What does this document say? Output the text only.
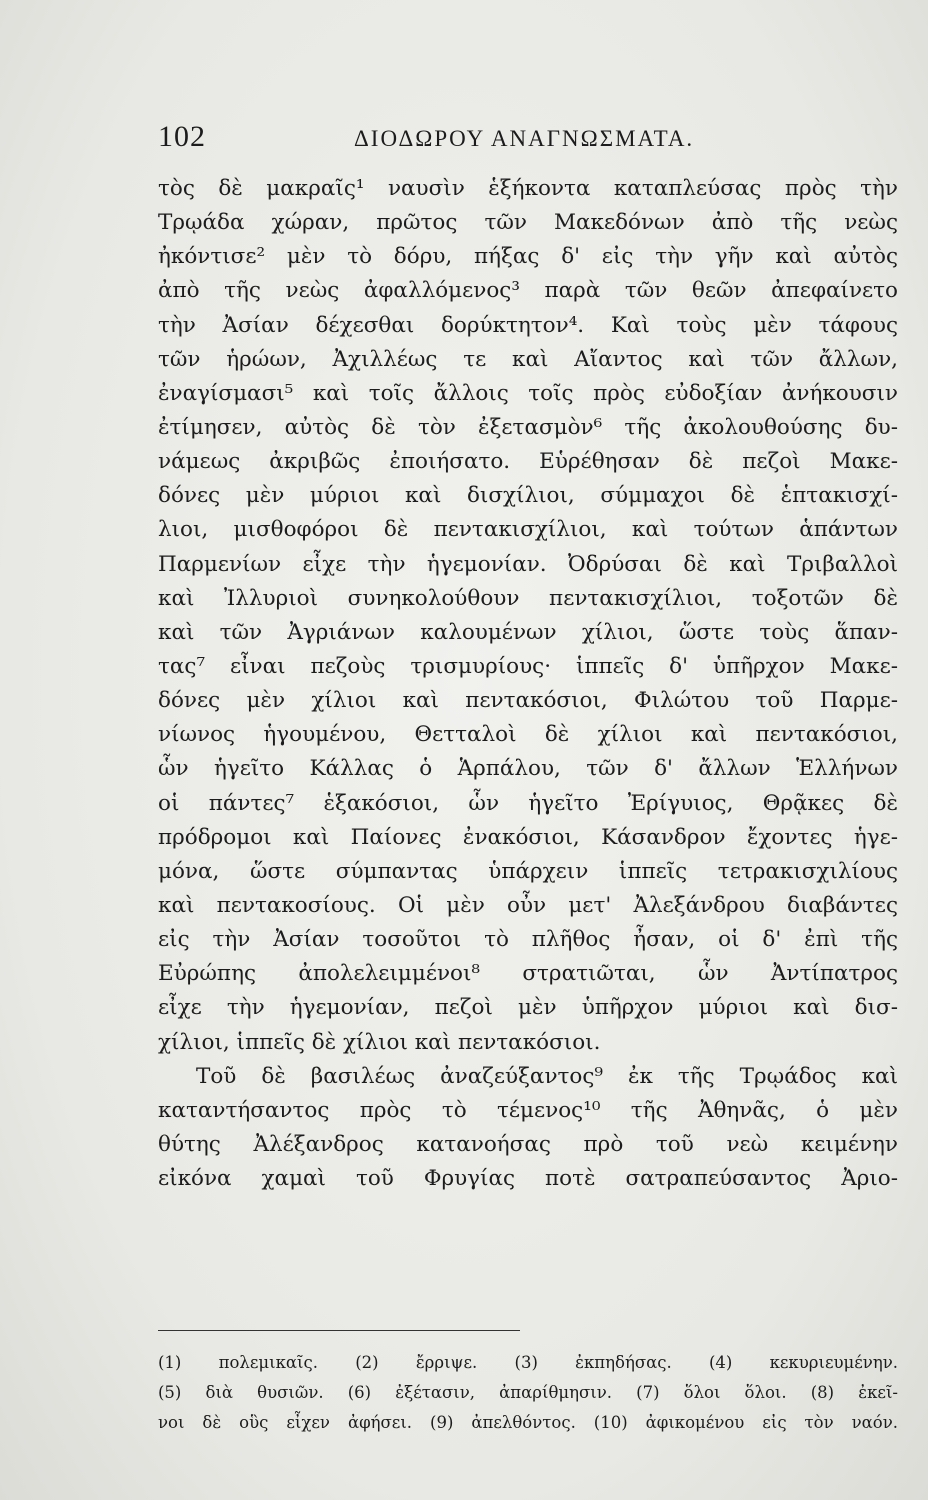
102	ΔΙΟΔΩΡΟΥ ΑΝΑΓΝΩΣΜΑΤΑ.
τὸς δὲ μακραῖς¹ ναυσὶν ἑξήκοντα καταπλεύσας πρὸς τὴν
Τρῳάδα χώραν, πρῶτος τῶν Μακεδόνων ἀπὸ τῆς νεὼς
ἠκόντισε² μὲν τὸ δόρυ, πήξας δ' εἰς τὴν γῆν καὶ αὐτὸς
ἀπὸ τῆς νεὼς ἀφαλλόμενος³ παρὰ τῶν θεῶν ἀπεφαίνετο
τὴν Ἀσίαν δέχεσθαι δορύκτητον⁴. Καὶ τοὺς μὲν τάφους
τῶν ἡρώων, Ἀχιλλέως τε καὶ Αἴαντος καὶ τῶν ἄλλων,
ἐναγίσμασι⁵ καὶ τοῖς ἄλλοις τοῖς πρὸς εὐδοξίαν ἀνήκουσιν
ἐτίμησεν, αὐτὸς δὲ τὸν ἐξετασμὸν⁶ τῆς ἀκολουθούσης δυ-
νάμεως ἀκριβῶς ἐποιήσατο. Εὑρέθησαν δὲ πεζοὶ Μακε-
δόνες μὲν μύριοι καὶ δισχίλιοι, σύμμαχοι δὲ ἑπτακισχί-
λιοι, μισθοφόροι δὲ πεντακισχίλιοι, καὶ τούτων ἁπάντων
Παρμενίων εἶχε τὴν ἡγεμονίαν. Ὀδρύσαι δὲ καὶ Τριβαλλοὶ
καὶ Ἰλλυριοὶ συνηκολούθουν πεντακισχίλιοι, τοξοτῶν δὲ
καὶ τῶν Ἀγριάνων καλουμένων χίλιοι, ὥστε τοὺς ἅπαν-
τας⁷ εἶναι πεζοὺς τρισμυρίους· ἱππεῖς δ' ὑπῆρχον Μακε-
δόνες μὲν χίλιοι καὶ πεντακόσιοι, Φιλώτου τοῦ Παρμε-
νίωνος ἡγουμένου, Θετταλοὶ δὲ χίλιοι καὶ πεντακόσιοι,
ὧν ἡγεῖτο Κάλλας ὁ Ἁρπάλου, τῶν δ' ἄλλων Ἑλλήνων
οἱ πάντες⁷ ἑξακόσιοι, ὧν ἡγεῖτο Ἐρίγυιος, Θρᾷκες δὲ
πρόδρομοι καὶ Παίονες ἐνακόσιοι, Κάσανδρον ἔχοντες ἡγε-
μόνα, ὥστε σύμπαντας ὑπάρχειν ἱππεῖς τετρακισχιλίους
καὶ πεντακοσίους. Οἱ μὲν οὖν μετ' Ἀλεξάνδρου διαβάντες
εἰς τὴν Ἀσίαν τοσοῦτοι τὸ πλῆθος ἦσαν, οἱ δ' ἐπὶ τῆς
Εὐρώπης ἀπολελειμμένοι⁸ στρατιῶται, ὧν Ἀντίπατρος
εἶχε τὴν ἡγεμονίαν, πεζοὶ μὲν ὑπῆρχον μύριοι καὶ δισ-
χίλιοι, ἱππεῖς δὲ χίλιοι καὶ πεντακόσιοι.
Τοῦ δὲ βασιλέως ἀναζεύξαντος⁹ ἐκ τῆς Τρῳάδος καὶ
καταντήσαντος πρὸς τὸ τέμενος¹⁰ τῆς Ἀθηνᾶς, ὁ μὲν
θύτης Ἀλέξανδρος κατανοήσας πρὸ τοῦ νεὼ κειμένην
εἰκόνα χαμαὶ τοῦ Φρυγίας ποτὲ σατραπεύσαντος Ἀριο-
(1) πολεμικαῖς. (2) ἔρριψε. (3) ἐκπηδήσας. (4) κεκυριευμένην.
(5) διὰ θυσιῶν. (6) ἐξέτασιν, ἀπαρίθμησιν. (7) ὅλοι ὅλοι. (8) ἐκεῖ-
νοι δὲ οὓς εἶχεν ἀφήσει. (9) ἀπελθόντος. (10) ἀφικομένου εἰς τὸν ναόν.
